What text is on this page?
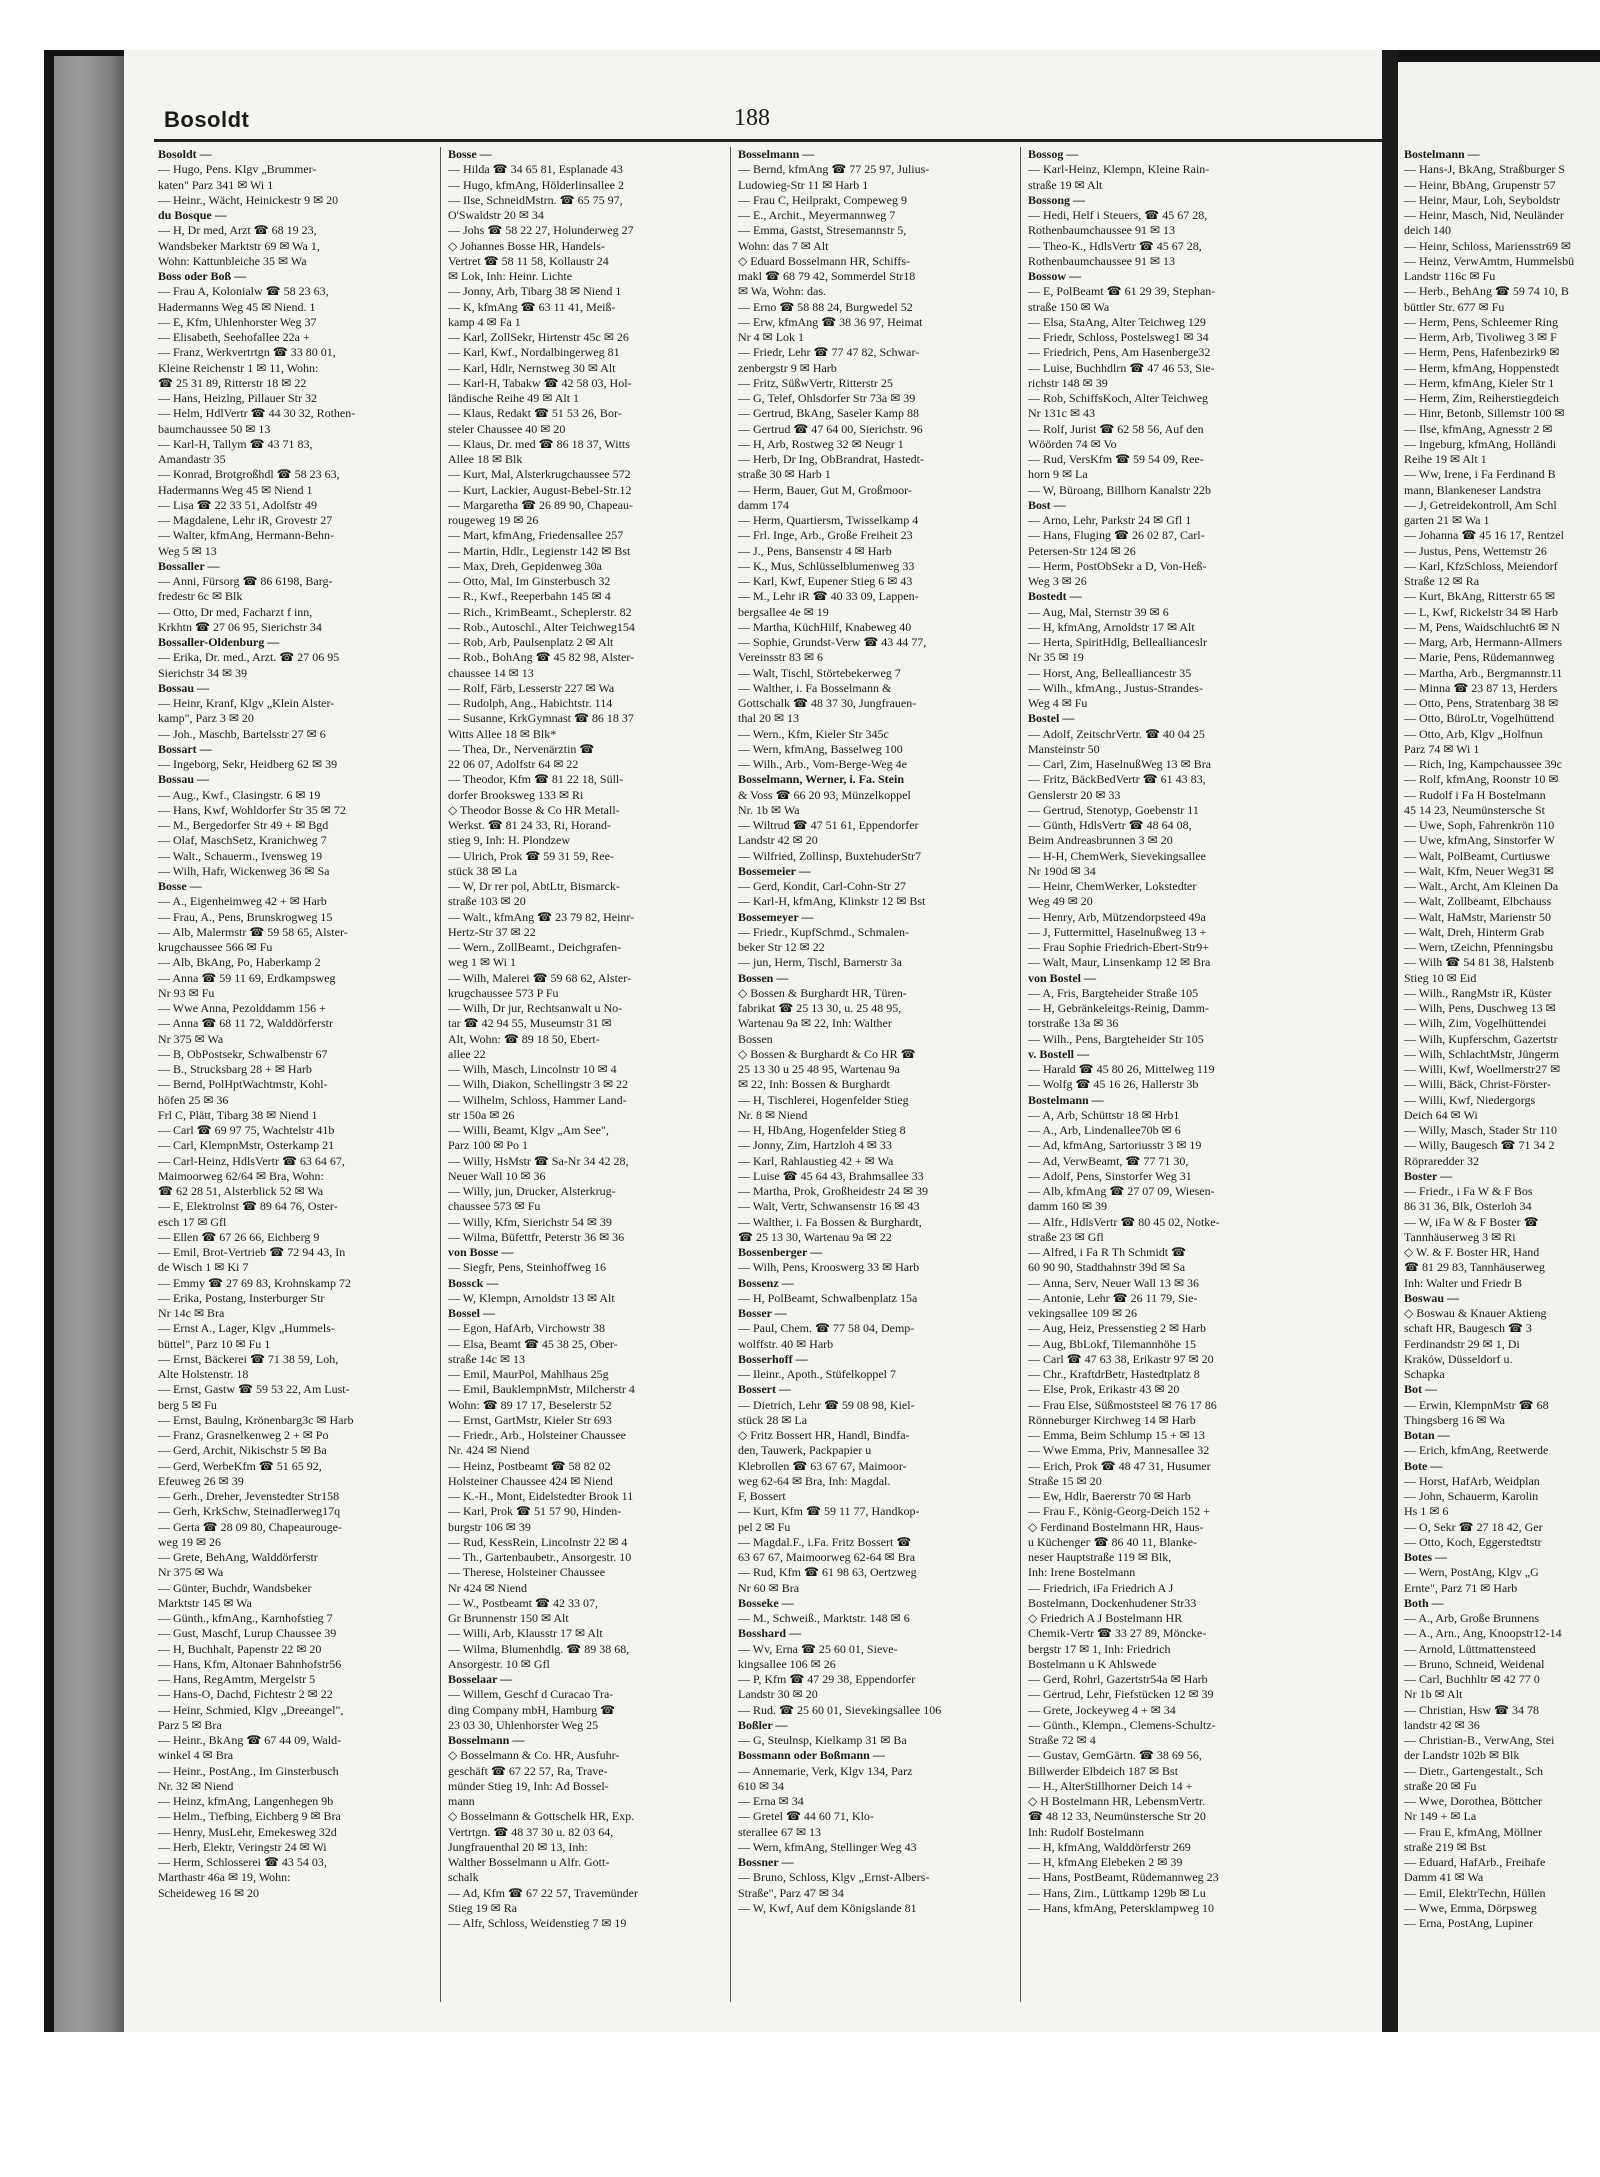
Bosoldt	188
Bosoldt —
— Hugo, Pens. Klgv „Brummer-
katen" Parz 341 ✉ Wi 1
— Heinr., Wächt, Heinickestr 9 ✉ 20
du Bosque —
— H, Dr med, Arzt ☎ 68 19 23,
Wandsbeker Marktstr 69 ✉ Wa 1,
Wohn: Kattunbleiche 35 ✉ Wa
Boss oder Boß —
— Frau A, Kolonialw ☎ 58 23 63,
Hadermanns Weg 45 ✉ Niend. 1
— E, Kfm, Uhlenhorster Weg 37
— Elisabeth, Seehofallee 22a +
— Franz, Werkvertrtgn ☎ 33 80 01,
Kleine Reichenstr 1 ✉ 11, Wohn:
☎ 25 31 89, Ritterstr 18 ✉ 22
— Hans, Heizlng, Pillauer Str 32
— Helm, HdlVertr ☎ 44 30 32, Rothen-
baumchaussee 50 ✉ 13
— Karl-H, Tallym ☎ 43 71 83,
Amandastr 35
— Konrad, Brotgroßhdl ☎ 58 23 63,
Hadermanns Weg 45 ✉ Niend 1
— Lisa ☎ 22 33 51, Adolfstr 49
— Magdalene, Lehr iR, Grovestr 27
— Walter, kfmAng, Hermann-Behn-
Weg 5 ✉ 13
Bossaller —
— Anni, Fürsorg ☎ 86 6198, Barg-
fredestr 6c ✉ Blk
— Otto, Dr med, Facharzt f inn,
Krkhtn ☎ 27 06 95, Sierichstr 34
Bossaller-Oldenburg —
— Erika, Dr. med., Arzt. ☎ 27 06 95
Sierichstr 34 ✉ 39
Bossau —
— Heinr, Kranf, Klgv „Klein Alster-
kamp", Parz 3 ✉ 20
— Joh., Maschb, Bartelsstr 27 ✉ 6
Bossart —
— Ingeborg, Sekr, Heidberg 62 ✉ 39
Bossau —
— Aug., Kwf., Clasingstr. 6 ✉ 19
— Hans, Kwf, Wohldorfer Str 35 ✉ 72
— M., Bergedorfer Str 49 + ✉ Bgd
— Olaf, MaschSetz, Kranichweg 7
— Walt., Schauerm., Ivensweg 19
— Wilh, Hafr, Wickenweg 36 ✉ Sa
Bosse —
— A., Eigenheimweg 42 + ✉ Harb
— Frau, A., Pens, Brunskrogweg 15
— Alb, Malermstr ☎ 59 58 65, Alster-
krugchaussee 566 ✉ Fu
— Alb, BkAng, Po, Haberkamp 2
— Anna ☎ 59 11 69, Erdkampsweg
Nr 93 ✉ Fu
— Wwe Anna, Pezolddamm 156 +
— Anna ☎ 68 11 72, Walddörferstr
Nr 375 ✉ Wa
— B, ObPostsekr, Schwalbenstr 67
— B., Strucksbarg 28 + ✉ Harb
— Bernd, PolHptWachtmstr, Kohl-
höfen 25 ✉ 36
Frl C, Plätt, Tibarg 38 ✉ Niend 1
— Carl ☎ 69 97 75, Wachtelstr 41b
— Carl, KlempnMstr, Osterkamp 21
— Carl-Heinz, HdlsVertr ☎ 63 64 67,
Maimoorweg 62/64 ✉ Bra, Wohn:
☎ 62 28 51, Alsterblick 52 ✉ Wa
— E, Elektrolnst ☎ 89 64 76, Oster-
esch 17 ✉ Gfl
— Ellen ☎ 67 26 66, Eichberg 9
— Emil, Brot-Vertrieb ☎ 72 94 43, In
de Wisch 1 ✉ Ki 7
— Emmy ☎ 27 69 83, Krohnskamp 72
— Erika, Postang, Insterburger Str
Nr 14c ✉ Bra
— Ernst A., Lager, Klgv „Hummels-
büttel", Parz 10 ✉ Fu 1
— Ernst, Bäckerei ☎ 71 38 59, Loh,
Alte Holstenstr. 18
— Ernst, Gastw ☎ 59 53 22, Am Lust-
berg 5 ✉ Fu
— Ernst, Baulng, Krönenbarg3c ✉ Harb
— Franz, Grasnelkenweg 2 + ✉ Po
— Gerd, Archit, Nikischstr 5 ✉ Ba
— Gerd, WerbeKfm ☎ 51 65 92,
Efeuweg 26 ✉ 39
— Gerh., Dreher, Jevenstedter Str158
— Gerh, KrkSchw, Steinadlerweg17q
— Gerta ☎ 28 09 80, Chapeaurouge-
weg 19 ✉ 26
— Grete, BehAng, Walddörferstr
Nr 375 ✉ Wa
— Günter, Buchdr, Wandsbeker
Marktstr 145 ✉ Wa
— Günth., kfmAng., Karnhofstieg 7
— Gust, Maschf, Lurup Chaussee 39
— H, Buchhalt, Papenstr 22 ✉ 20
— Hans, Kfm, Altonaer Bahnhofstr56
— Hans, RegAmtm, Mergelstr 5
— Hans-O, Dachd, Fichtestr 2 ✉ 22
— Heinr, Schmied, Klgv „Dreeangel",
Parz 5 ✉ Bra
— Heinr., BkAng ☎ 67 44 09, Wald-
winkel 4 ✉ Bra
— Heinr., PostAng., Im Ginsterbusch
Nr. 32 ✉ Niend
— Heinz, kfmAng, Langenhegen 9b
— Helm., Tiefbing, Eichberg 9 ✉ Bra
— Henry, MusLehr, Emekesweg 32d
— Herb, Elektr, Veringstr 24 ✉ Wi
— Herm, Schlosserei ☎ 43 54 03,
Marthastr 46a ✉ 19, Wohn:
Scheideweg 16 ✉ 20
Bosse —
— Hilda ☎ 34 65 81, Esplanade 43
— Hugo, kfmAng, Hölderlinsallee 2
— Ilse, SchneidMstrn. ☎ 65 75 97,
O'Swaldstr 20 ✉ 34
— Johs ☎ 58 22 27, Holunderweg 27
◇ Johannes Bosse HR, Handels-
Vertret ☎ 58 11 58, Kollaustr 24
✉ Lok, Inh: Heinr. Lichte
— Jonny, Arb, Tibarg 38 ✉ Niend 1
— K, kfmAng ☎ 63 11 41, Meiß-
kamp 4 ✉ Fa 1
— Karl, ZollSekr, Hirtenstr 45c ✉ 26
— Karl, Kwf., Nordalbingerweg 81
— Karl, Hdlr, Nernstweg 30 ✉ Alt
— Karl-H, Tabakw ☎ 42 58 03, Hol-
ländische Reihe 49 ✉ Alt 1
— Klaus, Redakt ☎ 51 53 26, Bor-
steler Chaussee 40 ✉ 20
— Klaus, Dr. med ☎ 86 18 37, Witts
Allee 18 ✉ Blk
— Kurt, Mal, Alsterkrugchaussee 572
— Kurt, Lackier, August-Bebel-Str.12
— Margaretha ☎ 26 89 90, Chapeau-
rougeweg 19 ✉ 26
— Mart, kfmAng, Friedensallee 257
— Martin, Hdlr., Legienstr 142 ✉ Bst
— Max, Dreh, Gepidenweg 30a
— Otto, Mal, Im Ginsterbusch 32
— R., Kwf., Reeperbahn 145 ✉ 4
— Rich., KrimBeamt., Scheplerstr. 82
— Rob., Autoschl., Alter Teichweg154
— Rob, Arb, Paulsenplatz 2 ✉ Alt
— Rob., BohAng ☎ 45 82 98, Alster-
chaussee 14 ✉ 13
— Rolf, Färb, Lesserstr 227 ✉ Wa
— Rudolph, Ang., Habichtstr. 114
— Susanne, KrkGymnast ☎ 86 18 37
Witts Allee 18 ✉ Blk*
— Thea, Dr., Nervenärztin ☎
22 06 07, Adolfstr 64 ✉ 22
— Theodor, Kfm ☎ 81 22 18, Süll-
dorfer Brooksweg 133 ✉ Ri
◇ Theodor Bosse & Co HR Metall-
Werkst. ☎ 81 24 33, Ri, Horand-
stieg 9, Inh: H. Plondzew
— Ulrich, Prok ☎ 59 31 59, Ree-
stück 38 ✉ La
— W, Dr rer pol, AbtLtr, Bismarck-
straße 103 ✉ 20
— Walt., kfmAng ☎ 23 79 82, Heinr-
Hertz-Str 37 ✉ 22
— Wern., ZollBeamt., Deichgrafen-
weg 1 ✉ Wi 1
— Wilh, Malerei ☎ 59 68 62, Alster-
krugchaussee 573 P Fu
— Wilh, Dr jur, Rechtsanwalt u No-
tar ☎ 42 94 55, Museumstr 31 ✉
Alt, Wohn: ☎ 89 18 50, Ebert-
allee 22
— Wilh, Masch, Lincolnstr 10 ✉ 4
— Wilh, Diakon, Schellingstr 3 ✉ 22
— Wilhelm, Schloss, Hammer Land-
str 150a ✉ 26
— Willi, Beamt, Klgv „Am See",
Parz 100 ✉ Po 1
— Willy, HsMstr ☎ Sa-Nr 34 42 28,
Neuer Wall 10 ✉ 36
— Willy, jun, Drucker, Alsterkrug-
chaussee 573 ✉ Fu
— Willy, Kfm, Sierichstr 54 ✉ 39
— Wilma, Büfettfr, Peterstr 36 ✉ 36
von Bosse —
— Siegfr, Pens, Steinhoffweg 16
Bossck —
— W, Klempn, Arnoldstr 13 ✉ Alt
Bossel —
— Egon, HafArb, Virchowstr 38
— Elsa, Beamt ☎ 45 38 25, Ober-
straße 14c ✉ 13
— Emil, MaurPol, Mahlhaus 25g
— Emil, BauklempnMstr, Milcherstr 4
Wohn: ☎ 89 17 17, Beselerstr 52
— Ernst, GartMstr, Kieler Str 693
— Friedr., Arb., Holsteiner Chaussee
Nr. 424 ✉ Niend
— Heinz, Postbeamt ☎ 58 82 02
Holsteiner Chaussee 424 ✉ Niend
— K.-H., Mont, Eidelstedter Brook 11
— Karl, Prok ☎ 51 57 90, Hinden-
burgstr 106 ✉ 39
— Rud, KessRein, Lincolnstr 22 ✉ 4
— Th., Gartenbaubetr., Ansorgestr. 10
— Therese, Holsteiner Chaussee
Nr 424 ✉ Niend
— W., Postbeamt ☎ 42 33 07,
Gr Brunnenstr 150 ✉ Alt
— Willi, Arb, Klausstr 17 ✉ Alt
— Wilma, Blumenhdlg. ☎ 89 38 68,
Ansorgestr. 10 ✉ Gfl
Bosselaar —
— Willem, Geschf d Curacao Tra-
ding Company mbH, Hamburg ☎
23 03 30, Uhlenhorster Weg 25
Bosselmann —
◇ Bosselmann & Co. HR, Ausfuhr-
geschäft ☎ 67 22 57, Ra, Trave-
münder Stieg 19, Inh: Ad Bossel-
mann
◇ Bosselmann & Gottschelk HR, Exp.
Vertrtgn. ☎ 48 37 30 u. 82 03 64,
Jungfrauenthal 20 ✉ 13, Inh:
Walther Bosselmann u Alfr. Gott-
schalk
— Ad, Kfm ☎ 67 22 57, Travemünder
Stieg 19 ✉ Ra
— Alfr, Schloss, Weidenstieg 7 ✉ 19
Bosselmann —
— Bernd, kfmAng ☎ 77 25 97, Julius-
Ludowieg-Str 11 ✉ Harb 1
— Frau C, Heilprakt, Compeweg 9
— E., Archit., Meyermannweg 7
— Emma, Gastst, Stresemannstr 5,
Wohn: das 7 ✉ Alt
◇ Eduard Bosselmann HR, Schiffs-
makl ☎ 68 79 42, Sommerdel Str18
✉ Wa, Wohn: das.
— Erno ☎ 58 88 24, Burgwedel 52
— Erw, kfmAng ☎ 38 36 97, Heimat
Nr 4 ✉ Lok 1
— Friedr, Lehr ☎ 77 47 82, Schwar-
zenbergstr 9 ✉ Harb
— Fritz, SüßwVertr, Ritterstr 25
— G, Telef, Ohlsdorfer Str 73a ✉ 39
— Gertrud, BkAng, Saseler Kamp 88
— Gertrud ☎ 47 64 00, Sierichstr. 96
— H, Arb, Rostweg 32 ✉ Neugr 1
— Herb, Dr Ing, ObBrandrat, Hastedt-
straße 30 ✉ Harb 1
— Herm, Bauer, Gut M, Großmoor-
damm 174
— Herm, Quartiersm, Twisselkamp 4
— Frl. Inge, Arb., Große Freiheit 23
— J., Pens, Bansenstr 4 ✉ Harb
— K., Mus, Schlüsselblumenweg 33
— Karl, Kwf, Eupener Stieg 6 ✉ 43
— M., Lehr iR ☎ 40 33 09, Lappen-
bergsallee 4e ✉ 19
— Martha, KüchHilf, Knabeweg 40
— Sophie, Grundst-Verw ☎ 43 44 77,
Vereinsstr 83 ✉ 6
— Walt, Tischl, Störtebekerweg 7
— Walther, i. Fa Bosselmann &
Gottschalk ☎ 48 37 30, Jungfrauen-
thal 20 ✉ 13
— Wern., Kfm, Kieler Str 345c
— Wern, kfmAng, Basselweg 100
— Wilh., Arb., Vom-Berge-Weg 4e
Bosselmann, Werner, i. Fa. Stein
& Voss ☎ 66 20 93, Münzelkoppel
Nr. 1b ✉ Wa
— Wiltrud ☎ 47 51 61, Eppendorfer
Landstr 42 ✉ 20
— Wilfried, Zollinsp, BuxtehuderStr7
Bossemeier —
— Gerd, Kondit, Carl-Cohn-Str 27
— Karl-H, kfmAng, Klinkstr 12 ✉ Bst
Bossemeyer —
— Friedr., KupfSchmd., Schmalen-
beker Str 12 ✉ 22
— jun, Herm, Tischl, Barnerstr 3a
Bossen —
◇ Bossen & Burghardt HR, Türen-
fabrikat ☎ 25 13 30, u. 25 48 95,
Wartenau 9a ✉ 22, Inh: Walther
Bossen
◇ Bossen & Burghardt & Co HR ☎
25 13 30 u 25 48 95, Wartenau 9a
✉ 22, Inh: Bossen & Burghardt
— H, Tischlerei, Hogenfelder Stieg
Nr. 8 ✉ Niend
— H, HbAng, Hogenfelder Stieg 8
— Jonny, Zim, Hartzloh 4 ✉ 33
— Karl, Rahlaustieg 42 + ✉ Wa
— Luise ☎ 45 64 43, Brahmsallee 33
— Martha, Prok, Großheidestr 24 ✉ 39
— Walt, Vertr, Schwansenstr 16 ✉ 43
— Walther, i. Fa Bossen & Burghardt,
☎ 25 13 30, Wartenau 9a ✉ 22
Bossenberger —
— Wilh, Pens, Krooswerg 33 ✉ Harb
Bossenz —
— H, PolBeamt, Schwalbenplatz 15a
Bosser —
— Paul, Chem. ☎ 77 58 04, Demp-
wolffstr. 40 ✉ Harb
Bosserhoff —
— Ileinr., Apoth., Stüfelkoppel 7
Bossert —
— Dietrich, Lehr ☎ 59 08 98, Kiel-
stück 28 ✉ La
◇ Fritz Bossert HR, Handl, Bindfa-
den, Tauwerk, Packpapier u
Klebrollen ☎ 63 67 67, Maimoor-
weg 62-64 ✉ Bra, Inh: Magdal.
F, Bossert
— Kurt, Kfm ☎ 59 11 77, Handkop-
pel 2 ✉ Fu
— Magdal.F., i.Fa. Fritz Bossert ☎
63 67 67, Maimoorweg 62-64 ✉ Bra
— Rud, Kfm ☎ 61 98 63, Oertzweg
Nr 60 ✉ Bra
Bosseke —
— M., Schweiß., Marktstr. 148 ✉ 6
Bosshard —
— Wv, Erna ☎ 25 60 01, Sieve-
kingsallee 106 ✉ 26
— P, Kfm ☎ 47 29 38, Eppendorfer
Landstr 30 ✉ 20
— Rud. ☎ 25 60 01, Sievekingsallee 106
Boßler —
— G, Steulnsp, Kielkamp 31 ✉ Ba
Bossmann oder Boßmann —
— Annemarie, Verk, Klgv 134, Parz
610 ✉ 34
— Erna ✉ 34
— Gretel ☎ 44 60 71, Klo-
sterallee 67 ✉ 13
— Wern, kfmAng, Stellinger Weg 43
Bossner —
— Bruno, Schloss, Klgv „Ernst-Albers-
Straße", Parz 47 ✉ 34
— W, Kwf, Auf dem Königslande 81
Bossog —
— Karl-Heinz, Klempn, Kleine Rain-
straße 19 ✉ Alt
Bossong —
— Hedi, Helf i Steuers, ☎ 45 67 28,
Rothenbaumchaussee 91 ✉ 13
— Theo-K., HdlsVertr ☎ 45 67 28,
Rothenbaumchaussee 91 ✉ 13
Bossow —
— E, PolBeamt ☎ 61 29 39, Stephan-
straße 150 ✉ Wa
— Elsa, StaAng, Alter Teichweg 129
— Friedr, Schloss, Postelsweg1 ✉ 34
— Friedrich, Pens, Am Hasenberge32
— Luise, Buchhdlrn ☎ 47 46 53, Sie-
richstr 148 ✉ 39
— Rob, SchiffsKoch, Alter Teichweg
Nr 131c ✉ 43
— Rolf, Jurist ☎ 62 58 56, Auf den
Wöörden 74 ✉ Vo
— Rud, VersKfm ☎ 59 54 09, Ree-
horn 9 ✉ La
— W, Büroang, Billhorn Kanalstr 22b
Bost —
— Arno, Lehr, Parkstr 24 ✉ Gfl 1
— Hans, Fluging ☎ 26 02 87, Carl-
Petersen-Str 124 ✉ 26
— Herm, PostObSekr a D, Von-Heß-
Weg 3 ✉ 26
Bostedt —
— Aug, Mal, Sternstr 39 ✉ 6
— H, kfmAng, Arnoldstr 17 ✉ Alt
— Herta, SpiritHdlg, Belleallianceslr
Nr 35 ✉ 19
— Horst, Ang, Bellealliancestr 35
— Wilh., kfmAng., Justus-Strandes-
Weg 4 ✉ Fu
Bostel —
— Adolf, ZeitschrVertr. ☎ 40 04 25
Mansteinstr 50
— Carl, Zim, HaselnußWeg 13 ✉ Bra
— Fritz, BäckBedVertr ☎ 61 43 83,
Genslerstr 20 ✉ 33
— Gertrud, Stenotyp, Goebenstr 11
— Günth, HdlsVertr ☎ 48 64 08,
Beim Andreasbrunnen 3 ✉ 20
— H-H, ChemWerk, Sievekingsallee
Nr 190d ✉ 34
— Heinr, ChemWerker, Lokstedter
Weg 49 ✉ 20
— Henry, Arb, Mützendorpsteed 49a
— J, Futtermittel, Haselnußweg 13 +
— Frau Sophie Friedrich-Ebert-Str9+
— Walt, Maur, Linsenkamp 12 ✉ Bra
von Bostel —
— A, Fris, Bargteheider Straße 105
— H, Gebränkeleitgs-Reinig, Damm-
torstraße 13a ✉ 36
— Wilh., Pens, Bargteheider Str 105
v. Bostell —
— Harald ☎ 45 80 26, Mittelweg 119
— Wolfg ☎ 45 16 26, Hallerstr 3b
Bostelmann —
— A, Arb, Schüttstr 18 ✉ Hrb1
— A., Arb, Lindenallee70b ✉ 6
— Ad, kfmAng, Sartoriusstr 3 ✉ 19
— Ad, VerwBeamt, ☎ 77 71 30,
— Adolf, Pens, Sinstorfer Weg 31
— Alb, kfmAng ☎ 27 07 09, Wiesen-
damm 160 ✉ 39
— Alfr., HdlsVertr ☎ 80 45 02, Notke-
straße 23 ✉ Gfl
— Alfred, i Fa R Th Schmidt ☎
60 90 90, Stadthahnstr 39d ✉ Sa
— Anna, Serv, Neuer Wall 13 ✉ 36
— Antonie, Lehr ☎ 26 11 79, Sie-
vekingsallee 109 ✉ 26
— Aug, Heiz, Pressenstieg 2 ✉ Harb
— Aug, BbLokf, Tilemannhöhe 15
— Carl ☎ 47 63 38, Erikastr 97 ✉ 20
— Chr., KraftdrBetr, Hastedtplatz 8
— Else, Prok, Erikastr 43 ✉ 20
— Frau Else, Süßmoststeel ✉ 76 17 86
Rönneburger Kirchweg 14 ✉ Harb
— Emma, Beim Schlump 15 + ✉ 13
— Wwe Emma, Priv, Mannesallee 32
— Erich, Prok ☎ 48 47 31, Husumer
Straße 15 ✉ 20
— Ew, Hdlr, Baererstr 70 ✉ Harb
— Frau F., König-Georg-Deich 152 +
◇ Ferdinand Bostelmann HR, Haus-
u Küchengeг ☎ 86 40 11, Blanke-
neser Hauptstraße 119 ✉ Blk,
Inh: Irene Bostelmann
— Friedrich, iFa Friedrich A J
Bostelmann, Dockenhudener Str33
◇ Friedrich A J Bostelmann HR
Chemik-Vertr ☎ 33 27 89, Möncke-
bergstr 17 ✉ 1, Inh: Friedrich
Bostelmann u K Ahlswede
— Gerd, Rohrl, Gazertstr54a ✉ Harb
— Gertrud, Lehr, Fiefstücken 12 ✉ 39
— Grete, Jockeyweg 4 + ✉ 34
— Günth., Klempn., Clemens-Schultz-
Straße 72 ✉ 4
— Gustav, GemGärtn. ☎ 38 69 56,
Billwerder Elbdeich 187 ✉ Bst
— H., AlterStillhorner Deich 14 +
◇ H Bostelmann HR, LebensmVertr.
☎ 48 12 33, Neumünstersche Str 20
Inh: Rudolf Bostelmann
— H, kfmAng, Walddörferstr 269
— H, kfmAng Elebeken 2 ✉ 39
— Hans, PostBeamt, Rüdemannweg 23
— Hans, Zim., Lüttkamp 129b ✉ Lu
— Hans, kfmAng, Petersklampweg 10
Bostelmann —
— Hans-J, BkAng, Straßburger S
— Heinr, BbAng, Grupenstr 57
— Heinr, Maur, Loh, Seyboldstr
— Heinr, Masch, Nid, Neuländer
deich 140
— Heinr, Schloss, Mariensstr69 ✉
— Heinz, VerwAmtm, Hummelsbü
Landstr 116c ✉ Fu
— Herb., BehAng ☎ 59 74 10, B
büttler Str. 677 ✉ Fu
— Herm, Pens, Schleemer Ring
— Herm, Arb, Tivoliweg 3 ✉ F
— Herm, Pens, Hafenbezirk9 ✉
— Herm, kfmAng, Hoppenstedt
— Herm, kfmAng, Kieler Str 1
— Herm, Zim, Reiherstiegdeich
— Hinr, Betonb, Sillemstr 100 ✉
— Ilse, kfmAng, Agnesstr 2 ✉
— Ingeburg, kfmAng, Holländi
Reihe 19 ✉ Alt 1
— Ww, Irene, i Fa Ferdinand B
mann, Blankeneser Landstra
— J, Getreidekontroll, Am Schl
garten 21 ✉ Wa 1
— Johanna ☎ 45 16 17, Rentzel
— Justus, Pens, Wettemstr 26
— Karl, KfzSchloss, Meiendorf
Straße 12 ✉ Ra
— Kurt, BkAng, Ritterstr 65 ✉
— L, Kwf, Rickelstr 34 ✉ Harb
— M, Pens, Waidschlucht6 ✉ N
— Marg, Arb, Hermann-Allmers
— Marie, Pens, Rüdemannweg
— Martha, Arb., Bergmannstr.11
— Minna ☎ 23 87 13, Herders
— Otto, Pens, Stratenbarg 38 ✉
— Otto, BüroLtr, Vogelhüttend
— Otto, Arb, Klgv „Holfnun
Parz 74 ✉ Wi 1
— Rich, Ing, Kampchaussee 39c
— Rolf, kfmAng, Roonstr 10 ✉
— Rudolf i Fa H Bostelmann
45 14 23, Neumünstersche St
— Uwe, Soph, Fahrenkrön 110
— Uwe, kfmAng, Sinstorfer W
— Walt, PolBeamt, Curtiuswe
— Walt, Kfm, Neuer Weg31 ✉
— Walt., Archt, Am Kleinen Da
— Walt, Zollbeamt, Elbchauss
— Walt, HaMstr, Marienstr 50
— Walt, Dreh, Hinterm Grab
— Wern, tZeichn, Pfenningsbu
— Wilh ☎ 54 81 38, Halstenb
Stieg 10 ✉ Eid
— Wilh., RangMstr iR, Küster
— Wilh, Pens, Duschweg 13 ✉
— Wilh, Zim, Vogelhüttendei
— Wilh, Kupferschm, Gazertstr
— Wilh, SchlachtMstr, Jüngerm
— Willi, Kwf, Woellmerstr27 ✉
— Willi, Bäck, Christ-Förster-
— Willi, Kwf, Niedergorgs
Deich 64 ✉ Wi
— Willy, Masch, Stader Str 110
— Willy, Baugesch ☎ 71 34 2
Röpraredder 32
Boster —
— Friedr., i Fa W & F Bos
86 31 36, Blk, Osterloh 34
— W, iFa W & F Boster ☎
Tannhäuserweg 3 ✉ Ri
◇ W. & F. Boster HR, Hand
☎ 81 29 83, Tannhäuserweg
Inh: Walter und Friedr B
Boswau —
◇ Boswau & Knauer Aktieng
schaft HR, Baugesch ☎ 3
Ferdinandstr 29 ✉ 1, Di
Kraków, Düsseldorf u.
Schapka
Bot —
— Erwin, KlempnMstr ☎ 68
Thingsberg 16 ✉ Wa
Botan —
— Erich, kfmAng, Reetwerde
Bote —
— Horst, HafArb, Weidplan
— John, Schauerm, Karolin
Hs 1 ✉ 6
— O, Sekr ☎ 27 18 42, Ger
— Otto, Koch, Eggerstedtstr
Botes —
— Wern, PostAng, Klgv „G
Ernte", Parz 71 ✉ Harb
Both —
— A., Arb, Große Brunnens
— A., Arn., Ang, Knoopstr12-14
— Arnold, Lüttmattensteed
— Bruno, Schneid, Weidenal
— Carl, Buchhltr ✉ 42 77 0
Nr 1b ✉ Alt
— Christian, Hsw ☎ 34 78
landstr 42 ✉ 36
— Christian-B., VerwAng, Stei
der Landstr 102b ✉ Blk
— Dietr., Gartengestalt., Sch
straße 20 ✉ Fu
— Wwe, Dorothea, Böttcher
Nr 149 + ✉ La
— Frau E, kfmAng, Möllner
straße 219 ✉ Bst
— Eduard, HafArb., Freihafe
Damm 41 ✉ Wa
— Emil, ElektrTechn, Hüllen
— Wwe, Emma, Dörpsweg
— Erna, PostAng, Lupiner
